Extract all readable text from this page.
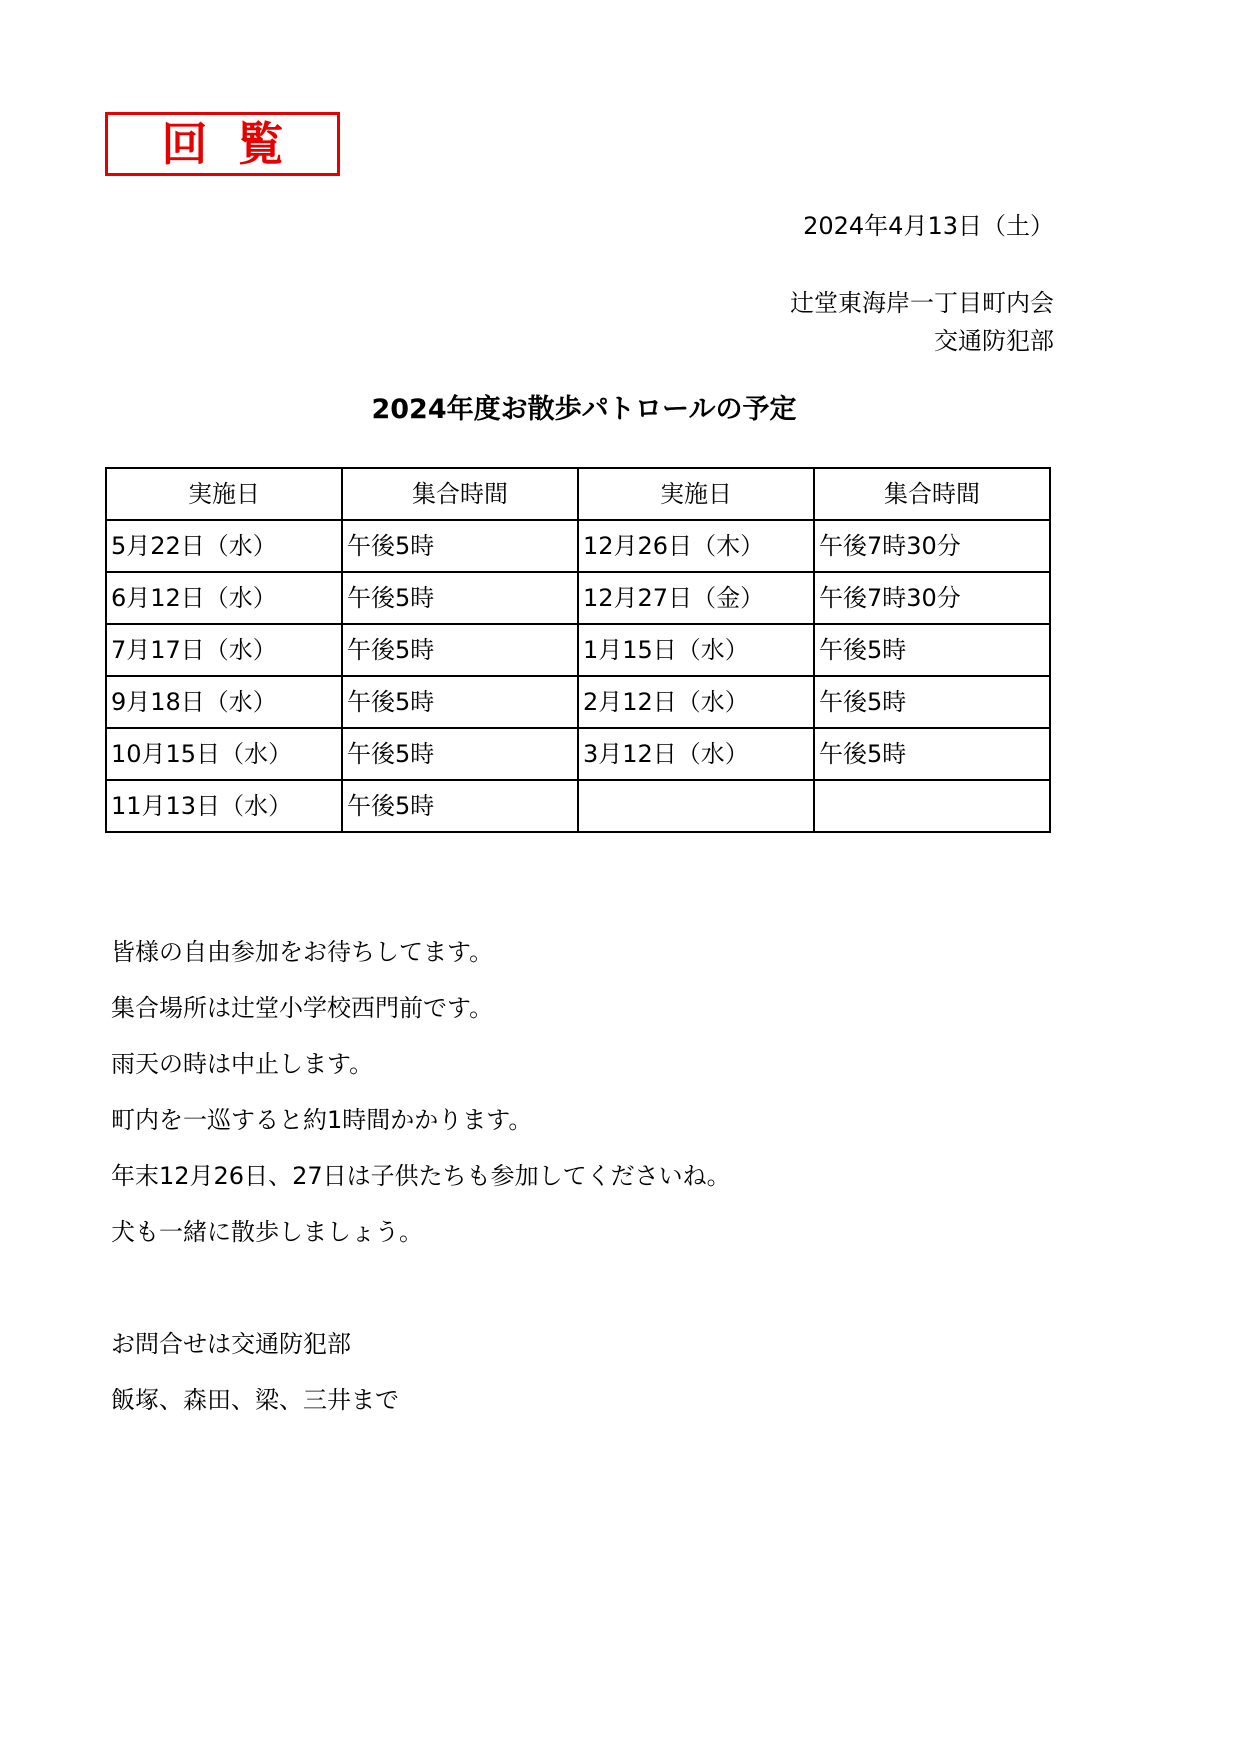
回覧
2024年4月13日（土）
辻堂東海岸一丁目町内会
交通防犯部
2024年度お散歩パトロールの予定
実施日	集合時間	実施日	集合時間
5月22日（水）	午後5時	12月26日（木）	午後7時30分
6月12日（水）	午後5時	12月27日（金）	午後7時30分
7月17日（水）	午後5時	1月15日（水）	午後5時
9月18日（水）	午後5時	2月12日（水）	午後5時
10月15日（水）	午後5時	3月12日（水）	午後5時
11月13日（水）	午後5時		

皆様の自由参加をお待ちしてます。

集合場所は辻堂小学校西門前です。

雨天の時は中止します。

町内を一巡すると約1時間かかります。

年末12月26日、27日は子供たちも参加してくださいね。

犬も一緒に散歩しましょう。

お問合せは交通防犯部

飯塚、森田、梁、三井まで
